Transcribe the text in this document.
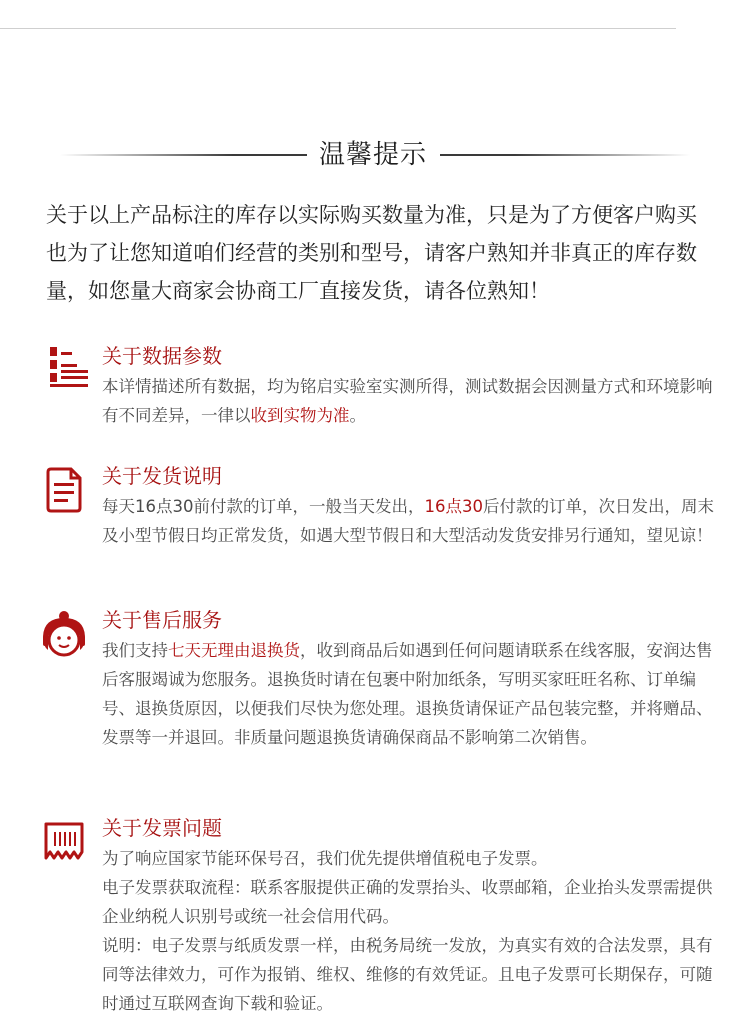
温馨提示
关于以上产品标注的库存以实际购买数量为准，只是为了方便客户购买也为了让您知道咱们经营的类别和型号，请客户熟知并非真正的库存数量，如您量大商家会协商工厂直接发货，请各位熟知！
关于数据参数
本详情描述所有数据，均为铭启实验室实测所得，测试数据会因测量方式和环境影响有不同差异，一律以收到实物为准。
关于发货说明
每天16点30前付款的订单，一般当天发出，16点30后付款的订单，次日发出，周末及小型节假日均正常发货，如遇大型节假日和大型活动发货安排另行通知，望见谅！
关于售后服务
我们支持七天无理由退换货，收到商品后如遇到任何问题请联系在线客服，安润达售后客服竭诚为您服务。退换货时请在包裹中附加纸条，写明买家旺旺名称、订单编号、退换货原因，以便我们尽快为您处理。退换货请保证产品包装完整，并将赠品、发票等一并退回。非质量问题退换货请确保商品不影响第二次销售。
关于发票问题
为了响应国家节能环保号召，我们优先提供增值税电子发票。
电子发票获取流程：联系客服提供正确的发票抬头、收票邮箱，企业抬头发票需提供企业纳税人识别号或统一社会信用代码。
说明：电子发票与纸质发票一样，由税务局统一发放，为真实有效的合法发票，具有同等法律效力，可作为报销、维权、维修的有效凭证。且电子发票可长期保存，可随时通过互联网查询下载和验证。
